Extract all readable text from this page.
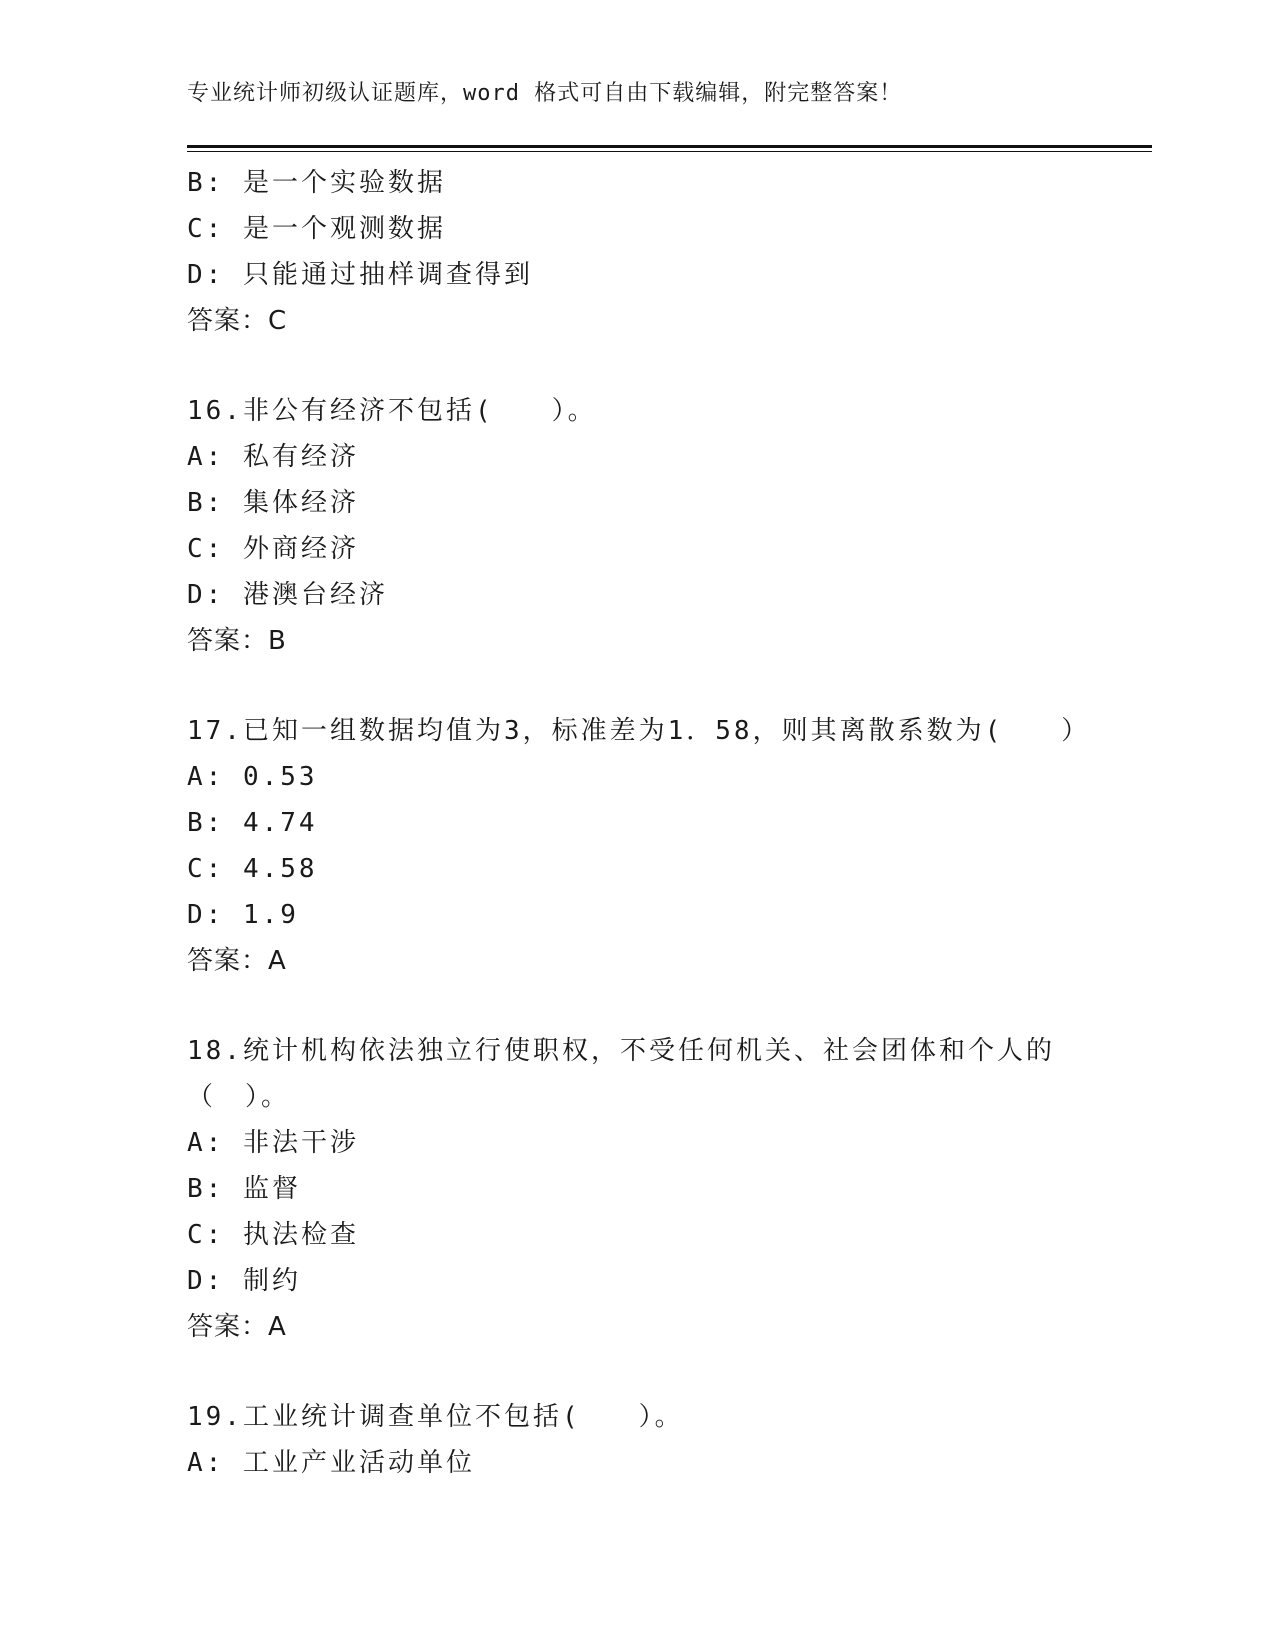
专业统计师初级认证题库，word 格式可自由下载编辑，附完整答案！
B: 是一个实验数据
C: 是一个观测数据
D: 只能通过抽样调查得到
答案：C
16.非公有经济不包括(　　）。
A: 私有经济
B: 集体经济
C: 外商经济
D: 港澳台经济
答案：B
17.已知一组数据均值为3，标准差为1．58，则其离散系数为(　　）
A: 0.53
B: 4.74
C: 4.58
D: 1.9
答案：A
18.统计机构依法独立行使职权，不受任何机关、社会团体和个人的（　）。
A: 非法干涉
B: 监督
C: 执法检查
D: 制约
答案：A
19.工业统计调查单位不包括(　　）。
A: 工业产业活动单位
